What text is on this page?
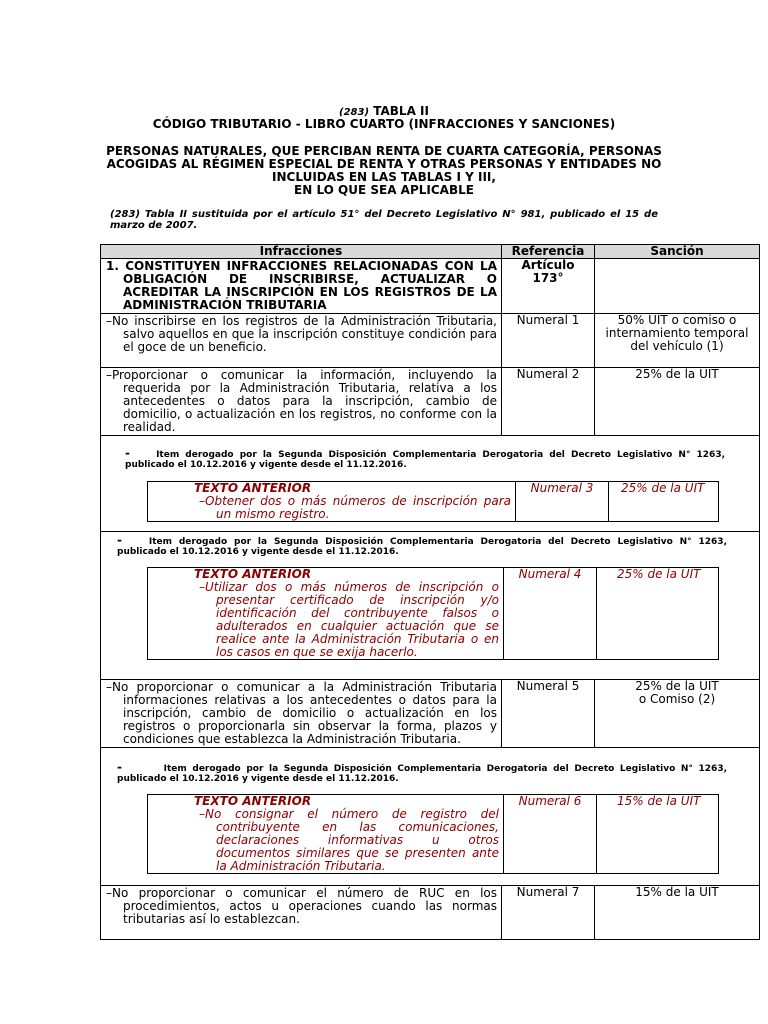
(283) TABLA II
CÓDIGO TRIBUTARIO - LIBRO CUARTO (INFRACCIONES Y SANCIONES)
PERSONAS NATURALES, QUE PERCIBAN RENTA DE CUARTA CATEGORÍA, PERSONAS
ACOGIDAS AL RÉGIMEN ESPECIAL DE RENTA Y OTRAS PERSONAS Y ENTIDADES NO
INCLUIDAS EN LAS TABLAS I Y III,
EN LO QUE SEA APLICABLE
(283) Tabla II sustituida por el artículo 51° del Decreto Legislativo N° 981, publicado el 15 de marzo de 2007.
Infracciones	Referencia	Sanción
1. CONSTITUYEN INFRACCIONES RELACIONADAS CON LA OBLIGACIÓN DE INSCRIBIRSE, ACTUALIZAR O ACREDITAR LA INSCRIPCIÓN EN LOS REGISTROS DE LA ADMINISTRACIÓN TRIBUTARIA	Artículo 173°	
–No inscribirse en los registros de la Administración Tributaria, salvo aquellos en que la inscripción constituye condición para el goce de un beneficio.	Numeral 1	50% UIT o comiso o internamiento temporal del vehículo (1)
–Proporcionar o comunicar la información, incluyendo la requerida por la Administración Tributaria, relativa a los antecedentes o datos para la inscripción, cambio de domicilio, o actualización en los registros, no conforme con la realidad.	Numeral 2	25% de la UIT

-	Item derogado por la Segunda Disposición Complementaria Derogatoria del Decreto Legislativo N° 1263, publicado el 10.12.2016 y vigente desde el 11.12.2016.
TEXTO ANTERIOR
–Obtener dos o más números de inscripción para un mismo registro.
	Numeral 3	25% de la UIT

-	Item derogado por la Segunda Disposición Complementaria Derogatoria del Decreto Legislativo N° 1263, publicado el 10.12.2016 y vigente desde el 11.12.2016.
TEXTO ANTERIOR
–Utilizar dos o más números de inscripción o presentar certificado de inscripción y/o identificación del contribuyente falsos o adulterados en cualquier actuación que se realice ante la Administración Tributaria o en los casos en que se exija hacerlo.
	Numeral 4	25% de la UIT

–No proporcionar o comunicar a la Administración Tributaria informaciones relativas a los antecedentes o datos para la inscripción, cambio de domicilio o actualización en los registros o proporcionarla sin observar la forma, plazos y condiciones que establezca la Administración Tributaria.	Numeral 5	25% de la UIT
o Comiso (2)

-	Item derogado por la Segunda Disposición Complementaria Derogatoria del Decreto Legislativo N° 1263, publicado el 10.12.2016 y vigente desde el 11.12.2016.
TEXTO ANTERIOR
–No consignar el número de registro del contribuyente en las comunicaciones, declaraciones informativas u otros documentos similares que se presenten ante la Administración Tributaria.
	Numeral 6	15% de la UIT

–No proporcionar o comunicar el número de RUC en los procedimientos, actos u operaciones cuando las normas tributarias así lo establezcan.	Numeral 7	15% de la UIT
